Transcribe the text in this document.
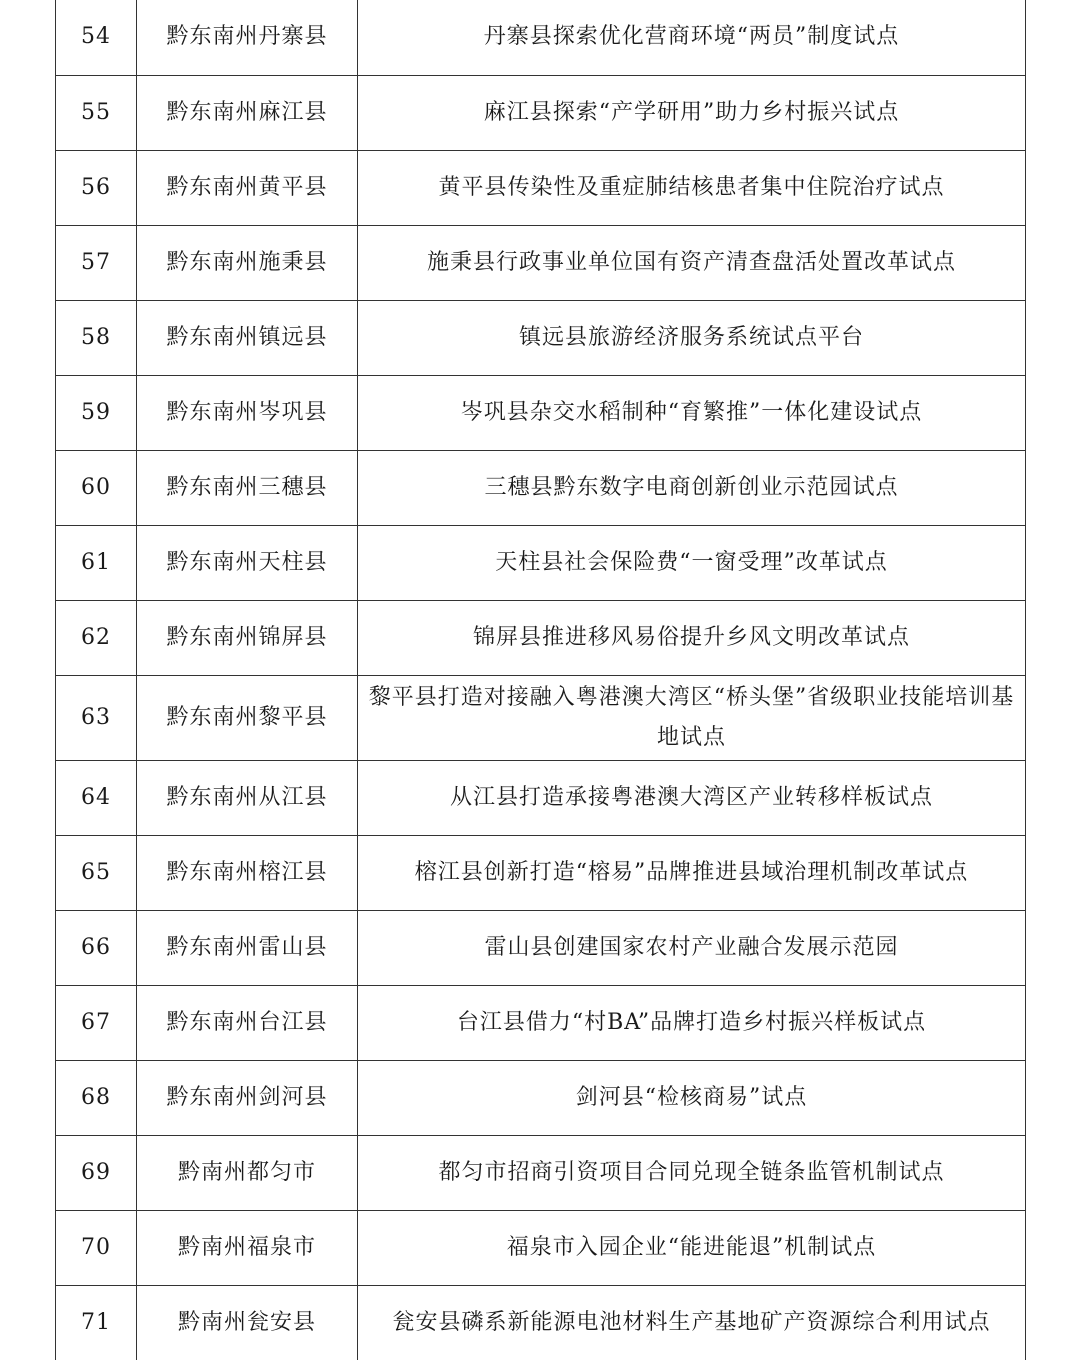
54	黔东南州丹寨县	丹寨县探索优化营商环境“两员”制度试点
55	黔东南州麻江县	麻江县探索“产学研用”助力乡村振兴试点
56	黔东南州黄平县	黄平县传染性及重症肺结核患者集中住院治疗试点
57	黔东南州施秉县	施秉县行政事业单位国有资产清查盘活处置改革试点
58	黔东南州镇远县	镇远县旅游经济服务系统试点平台
59	黔东南州岑巩县	岑巩县杂交水稻制种“育繁推”一体化建设试点
60	黔东南州三穗县	三穗县黔东数字电商创新创业示范园试点
61	黔东南州天柱县	天柱县社会保险费“一窗受理”改革试点
62	黔东南州锦屏县	锦屏县推进移风易俗提升乡风文明改革试点
63	黔东南州黎平县	黎平县打造对接融入粤港澳大湾区“桥头堡”省级职业技能培训基地试点
64	黔东南州从江县	从江县打造承接粤港澳大湾区产业转移样板试点
65	黔东南州榕江县	榕江县创新打造“榕易”品牌推进县域治理机制改革试点
66	黔东南州雷山县	雷山县创建国家农村产业融合发展示范园
67	黔东南州台江县	台江县借力“村BA”品牌打造乡村振兴样板试点
68	黔东南州剑河县	剑河县“检核商易”试点
69	黔南州都匀市	都匀市招商引资项目合同兑现全链条监管机制试点
70	黔南州福泉市	福泉市入园企业“能进能退”机制试点
71	黔南州瓮安县	瓮安县磷系新能源电池材料生产基地矿产资源综合利用试点
